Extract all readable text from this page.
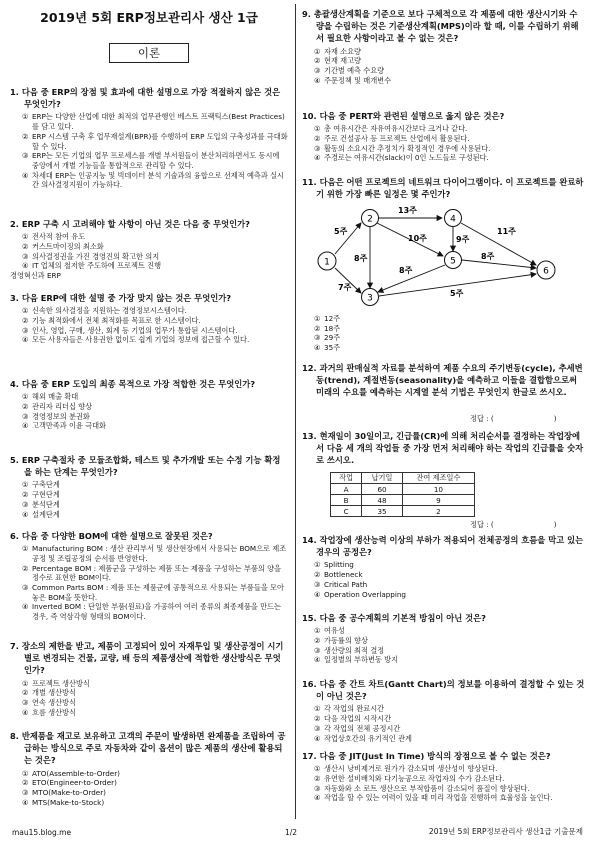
2019년 5회 ERP정보관리사 생산 1급
이론

1. 다음 중 ERP의 장점 및 효과에 대한 설명으로 가장 적절하지 않은 것은 무엇인가?

① ERP는 다양한 산업에 대한 최적의 업무관행인 베스트 프랙틱스(Best Practices)를 담고 있다.
② ERP 시스템 구축 후 업무재설계(BPR)를 수행하여 ERP 도입의 구축성과를 극대화할 수 있다.
③ ERP는 모든 기업의 업무 프로세스를 개별 부서원들이 분산처리하면서도 동시에 중앙에서 개별 기능들을 통합적으로 관리할 수 있다.
④ 차세대 ERP는 인공지능 및 빅데이터 분석 기술과의 융합으로 선제적 예측과 실시간 의사결정지원이 가능하다.

2. ERP 구축 시 고려해야 할 사항이 아닌 것은 다음 중 무엇인가?

① 전사적 참여 유도
② 커스트마이징의 최소화
③ 의사결정권을 가진 경영진의 확고한 의지
④ IT 업체의 철저한 주도하에 프로젝트 진행
경영혁신과 ERP

3. 다음 ERP에 대한 설명 중 가장 맞지 않는 것은 무엇인가?

① 신속한 의사결정을 지원하는 경영정보시스템이다.
② 기능 최적화에서 전체 최적화를 목표로 한 시스템이다.
③ 인사, 영업, 구매, 생산, 회계 등 기업의 업무가 통합된 시스템이다.
④ 모든 사용자들은 사용권한 없이도 쉽게 기업의 정보에 접근할 수 있다.

4. 다음 중 ERP 도입의 최종 목적으로 가장 적합한 것은 무엇인가?

① 해외 매출 확대
② 관리자 리더십 향상
③ 경영정보의 분권화
④ 고객만족과 이윤 극대화

5. ERP 구축절차 중 모듈조합화, 테스트 및 추가개발 또는 수정 기능 확정을 하는 단계는 무엇인가?

① 구축단계
② 구현단계
③ 분석단계
④ 설계단계

6. 다음 중 다양한 BOM에 대한 설명으로 잘못된 것은?

① Manufacturing BOM : 생산 관리부서 및 생산현장에서 사용되는 BOM으로 제조공정 및 조립공정의 순서를 반영한다.
② Percentage BOM : 제품군을 구성하는 제품 또는 제품을 구성하는 부품의 양을 정수로 표현한 BOM이다.
③ Common Parts BOM : 제품 또는 제품군에 공통적으로 사용되는 부품들을 모아놓은 BOM을 뜻한다.
④ Inverted BOM : 단일한 부품(원료)을 가공하여 여러 종류의 최종제품을 만드는 경우, 즉 역삼각형 형태의 BOM이다.

7. 장소의 제한을 받고, 제품이 고정되어 있어 자재투입 및 생산공정이 시기별로 변경되는 건물, 교량, 배 등의 제품생산에 적합한 생산방식은 무엇인가?

① 프로젝트 생산방식
② 개별 생산방식
③ 연속 생산방식
④ 흐름 생산방식

8. 반제품을 재고로 보유하고 고객의 주문이 발생하면 완제품을 조립하여 공급하는 방식으로 주로 자동차와 같이 옵션이 많은 제품의 생산에 활용되는 것은?

① ATO(Assemble-to-Order)
② ETO(Engineer-to-Order)
③ MTO(Make-to-Order)
④ MTS(Make-to-Stock)

9. 총괄생산계획을 기준으로 보다 구체적으로 각 제품에 대한 생산시기와 수량을 수립하는 것은 기준생산계획(MPS)이라 할 때, 이를 수립하기 위해서 필요한 사항이라고 볼 수 없는 것은?

① 자재 소요량
② 현재 재고량
③ 기간별 예측 수요량
④ 주문정책 및 매개변수

10. 다음 중 PERT와 관련된 설명으로 옳지 않은 것은?

① 총 여유시간은 자유여유시간보다 크거나 같다.
② 주로 건설공사 등 프로젝트 산업에서 활용된다.
③ 활동의 소요시간 추정치가 확정적인 경우에 사용된다.
④ 주경로는 여유시간(slack)이 0인 노드들로 구성된다.

11. 다음은 어떤 프로젝트의 네트워크 다이어그램이다. 이 프로젝트를 완료하기 위한 가장 빠른 일정은 몇 주인가?

1
2
3
4
5
6
5주
13주
10주	9주
11주
8주
7주
8주
8주
5주
① 12주
② 18주
③ 29주
④ 35주

12. 과거의 판매실적 자료를 분석하여 제품 수요의 주기변동(cycle), 추세변동(trend), 계절변동(seasonality)을 예측하고 이들을 결합함으로써 미래의 수요를 예측하는 시계열 분석 기법은 무엇인지 한글로 쓰시오.

정답 : (	)

13. 현재일이 30일이고, 긴급률(CR)에 의해 처리순서를 결정하는 작업장에서 다음 세 개의 작업들 중 가장 먼저 처리해야 하는 작업의 긴급률을 숫자로 쓰시오.

작업	납기일	잔여 제조일수
A	60	10
B	48	9
C	35	2
정답 : (	)

14. 작업장에 생산능력 이상의 부하가 적용되어 전체공정의 흐름을 막고 있는 경우의 공정은?

① Splitting
② Bottleneck
③ Critical Path
④ Operation Overlapping

15. 다음 중 공수계획의 기본적 방침이 아닌 것은?

① 여유성
② 가동률의 향상
③ 생산량의 최적 결정
④ 일정별의 부하변동 방지

16. 다음 중 간트 차트(Gantt Chart)의 정보를 이용하여 결정할 수 있는 것이 아닌 것은?

① 각 작업의 완료시간
② 다음 작업의 시작시간
③ 각 작업의 전체 공정시간
④ 작업상호간의 유기적인 관계

17. 다음 중 JIT(Just In Time) 방식의 장점으로 볼 수 없는 것은?

① 생산시 낭비제거로 원가가 감소되며 생산성이 향상된다.
② 유연한 설비배치와 다기능공으로 작업자의 수가 감소된다.
③ 자동화와 소 로트 생산으로 부적합품이 감소되어 품질이 향상된다.
④ 작업을 할 수 있는 여력이 있을 때 미리 작업을 진행하여 효율성을 높인다.
mau15.blog.me	1/2	2019년 5회 ERP정보관리사 생산1급 기출문제
